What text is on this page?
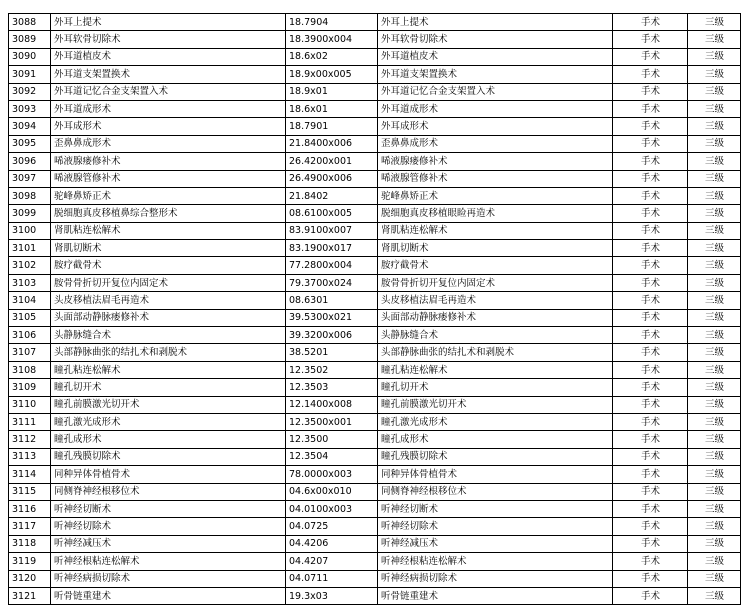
3088	外耳上提术	18.7904	外耳上提术	手术	三级
3089	外耳软骨切除术	18.3900x004	外耳软骨切除术	手术	三级
3090	外耳道植皮术	18.6x02	外耳道植皮术	手术	三级
3091	外耳道支架置换术	18.9x00x005	外耳道支架置换术	手术	三级
3092	外耳道记忆合金支架置入术	18.9x01	外耳道记忆合金支架置入术	手术	三级
3093	外耳道成形术	18.6x01	外耳道成形术	手术	三级
3094	外耳成形术	18.7901	外耳成形术	手术	三级
3095	歪鼻鼻成形术	21.8400x006	歪鼻鼻成形术	手术	三级
3096	唏液腺瘘修补术	26.4200x001	唏液腺瘘修补术	手术	三级
3097	唏液腺管修补术	26.4900x006	唏液腺管修补术	手术	三级
3098	驼峰鼻矫正术	21.8402	驼峰鼻矫正术	手术	三级
3099	脱细胞真皮移植鼻综合整形术	08.6100x005	脱细胞真皮移植眼睑再造术	手术	三级
3100	肾肌粘连松解术	83.9100x007	肾肌粘连松解术	手术	三级
3101	肾肌切断术	83.1900x017	肾肌切断术	手术	三级
3102	胺疗截骨术	77.2800x004	胺疗截骨术	手术	三级
3103	胺骨骨折切开复位内固定术	79.3700x024	胺骨骨折切开复位内固定术	手术	三级
3104	头皮移植法眉毛再造术	08.6301	头皮移植法眉毛再造术	手术	三级
3105	头面部动静脉瘘修补术	39.5300x021	头面部动静脉瘘修补术	手术	三级
3106	头静脉缝合术	39.3200x006	头静脉缝合术	手术	三级
3107	头部静脉曲张的结扎术和剥脱术	38.5201	头部静脉曲张的结扎术和剥脱术	手术	三级
3108	瞳孔粘连松解术	12.3502	瞳孔粘连松解术	手术	三级
3109	瞳孔切开术	12.3503	瞳孔切开术	手术	三级
3110	瞳孔前膜激光切开术	12.1400x008	瞳孔前膜激光切开术	手术	三级
3111	瞳孔激光成形术	12.3500x001	瞳孔激光成形术	手术	三级
3112	瞳孔成形术	12.3500	瞳孔成形术	手术	三级
3113	瞳孔残膜切除术	12.3504	瞳孔残膜切除术	手术	三级
3114	同种异体骨植骨术	78.0000x003	同种异体骨植骨术	手术	三级
3115	同侧脊神经根移位术	04.6x00x010	同侧脊神经根移位术	手术	三级
3116	听神经切断术	04.0100x003	听神经切断术	手术	三级
3117	听神经切除术	04.0725	听神经切除术	手术	三级
3118	听神经减压术	04.4206	听神经减压术	手术	三级
3119	听神经根粘连松解术	04.4207	听神经根粘连松解术	手术	三级
3120	听神经病损切除术	04.0711	听神经病损切除术	手术	三级
3121	听骨链重建术	19.3x03	听骨链重建术	手术	三级
